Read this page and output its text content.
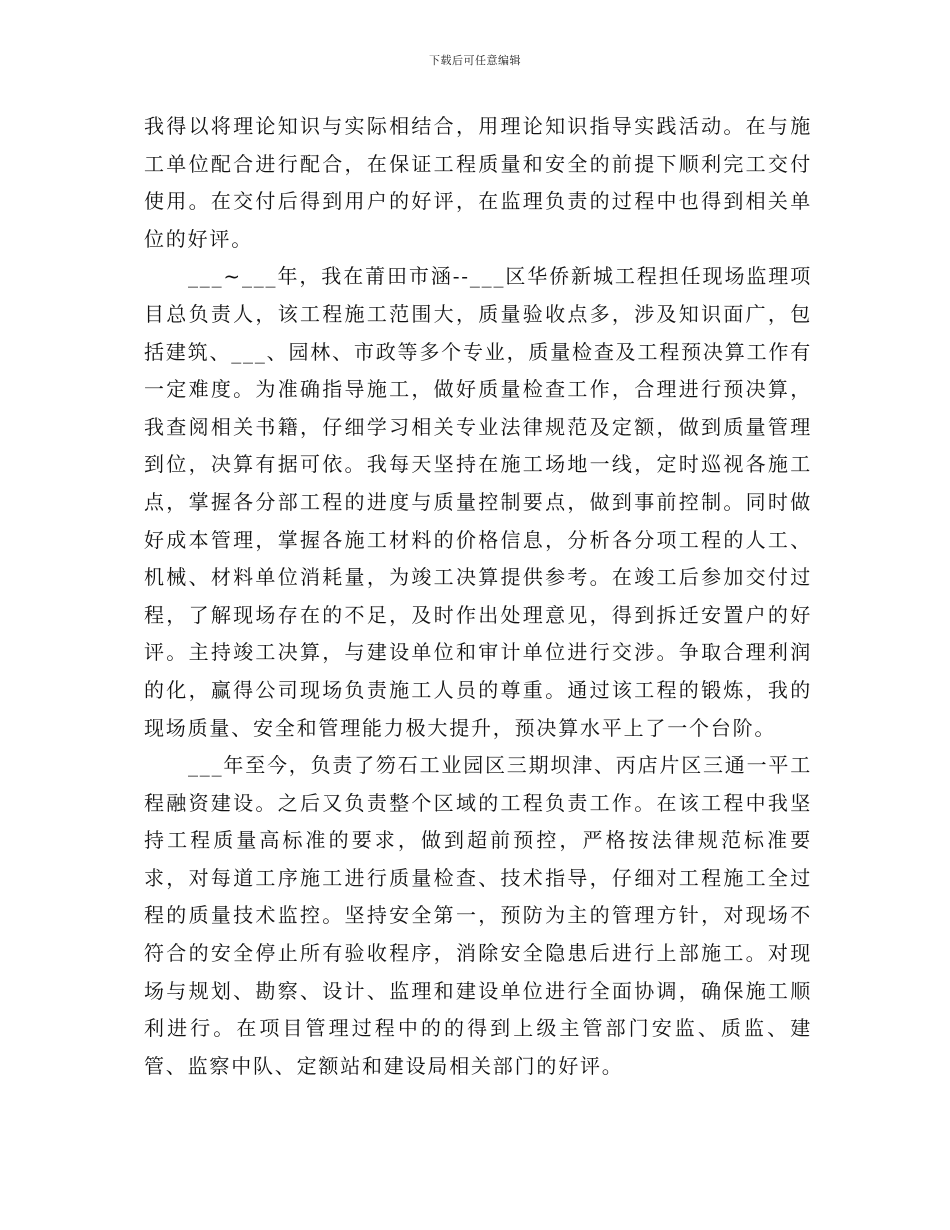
下载后可任意编辑

我得以将理论知识与实际相结合，用理论知识指导实践活动。在与施工单位配合进行配合，在保证工程质量和安全的前提下顺利完工交付使用。在交付后得到用户的好评，在监理负责的过程中也得到相关单位的好评。

___~___年，我在莆田市涵--___区华侨新城工程担任现场监理项目总负责人，该工程施工范围大，质量验收点多，涉及知识面广，包括建筑、___、园林、市政等多个专业，质量检查及工程预决算工作有一定难度。为准确指导施工，做好质量检查工作，合理进行预决算，我查阅相关书籍，仔细学习相关专业法律规范及定额，做到质量管理到位，决算有据可依。我每天坚持在施工场地一线，定时巡视各施工点，掌握各分部工程的进度与质量控制要点，做到事前控制。同时做好成本管理，掌握各施工材料的价格信息，分析各分项工程的人工、机械、材料单位消耗量，为竣工决算提供参考。在竣工后参加交付过程，了解现场存在的不足，及时作出处理意见，得到拆迁安置户的好评。主持竣工决算，与建设单位和审计单位进行交涉。争取合理利润的化，赢得公司现场负责施工人员的尊重。通过该工程的锻炼，我的现场质量、安全和管理能力极大提升，预决算水平上了一个台阶。

___年至今，负责了笏石工业园区三期坝津、丙店片区三通一平工程融资建设。之后又负责整个区域的工程负责工作。在该工程中我坚持工程质量高标准的要求，做到超前预控，严格按法律规范标准要求，对每道工序施工进行质量检查、技术指导，仔细对工程施工全过程的质量技术监控。坚持安全第一，预防为主的管理方针，对现场不符合的安全停止所有验收程序，消除安全隐患后进行上部施工。对现场与规划、勘察、设计、监理和建设单位进行全面协调，确保施工顺利进行。在项目管理过程中的的得到上级主管部门安监、质监、建管、监察中队、定额站和建设局相关部门的好评。
